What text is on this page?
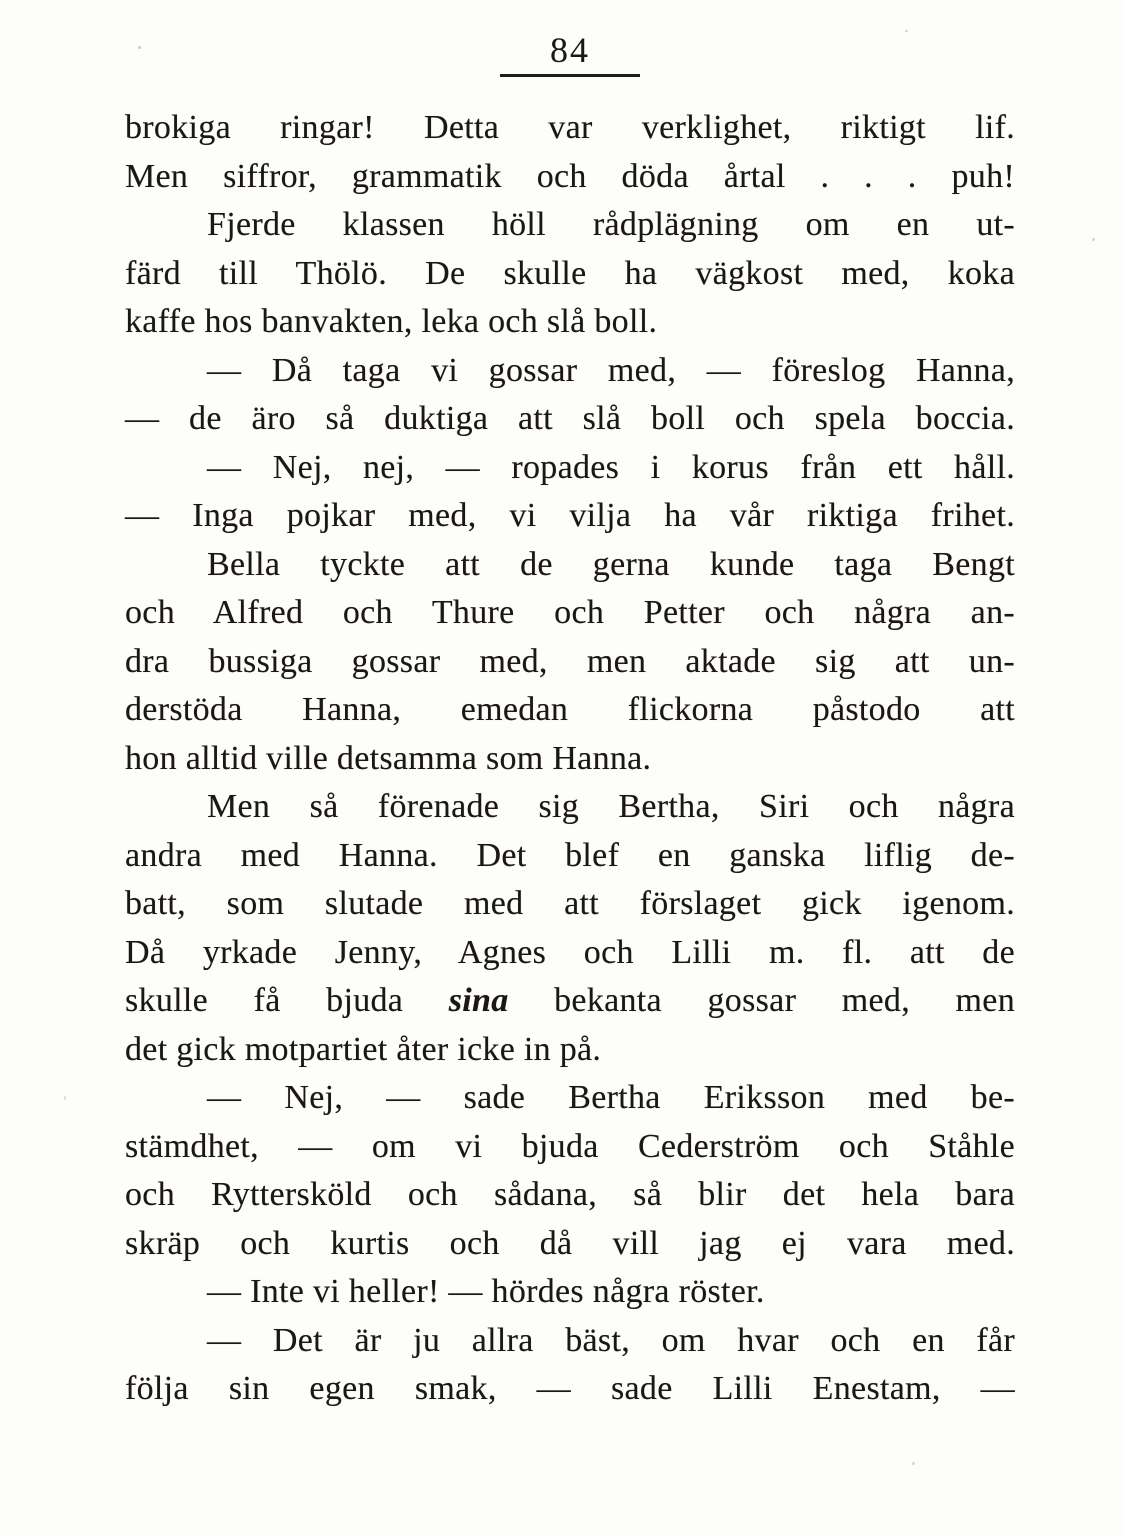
84
brokiga ringar! Detta var verklighet, riktigt lif.
Men siffror, grammatik och döda årtal . . . puh!
Fjerde klassen höll rådplägning om en ut-
färd till Thölö. De skulle ha vägkost med, koka
kaffe hos banvakten, leka och slå boll.
— Då taga vi gossar med, — föreslog Hanna,
— de äro så duktiga att slå boll och spela boccia.
— Nej, nej, — ropades i korus från ett håll.
— Inga pojkar med, vi vilja ha vår riktiga frihet.
Bella tyckte att de gerna kunde taga Bengt
och Alfred och Thure och Petter och några an-
dra bussiga gossar med, men aktade sig att un-
derstöda Hanna, emedan flickorna påstodo att
hon alltid ville detsamma som Hanna.
Men så förenade sig Bertha, Siri och några
andra med Hanna. Det blef en ganska liflig de-
batt, som slutade med att förslaget gick igenom.
Då yrkade Jenny, Agnes och Lilli m. fl. att de
skulle få bjuda sina bekanta gossar med, men
det gick motpartiet åter icke in på.
— Nej, — sade Bertha Eriksson med be-
stämdhet, — om vi bjuda Cederström och Ståhle
och Ryttersköld och sådana, så blir det hela bara
skräp och kurtis och då vill jag ej vara med.
— Inte vi heller! — hördes några röster.
— Det är ju allra bäst, om hvar och en får
följa sin egen smak, — sade Lilli Enestam, —
